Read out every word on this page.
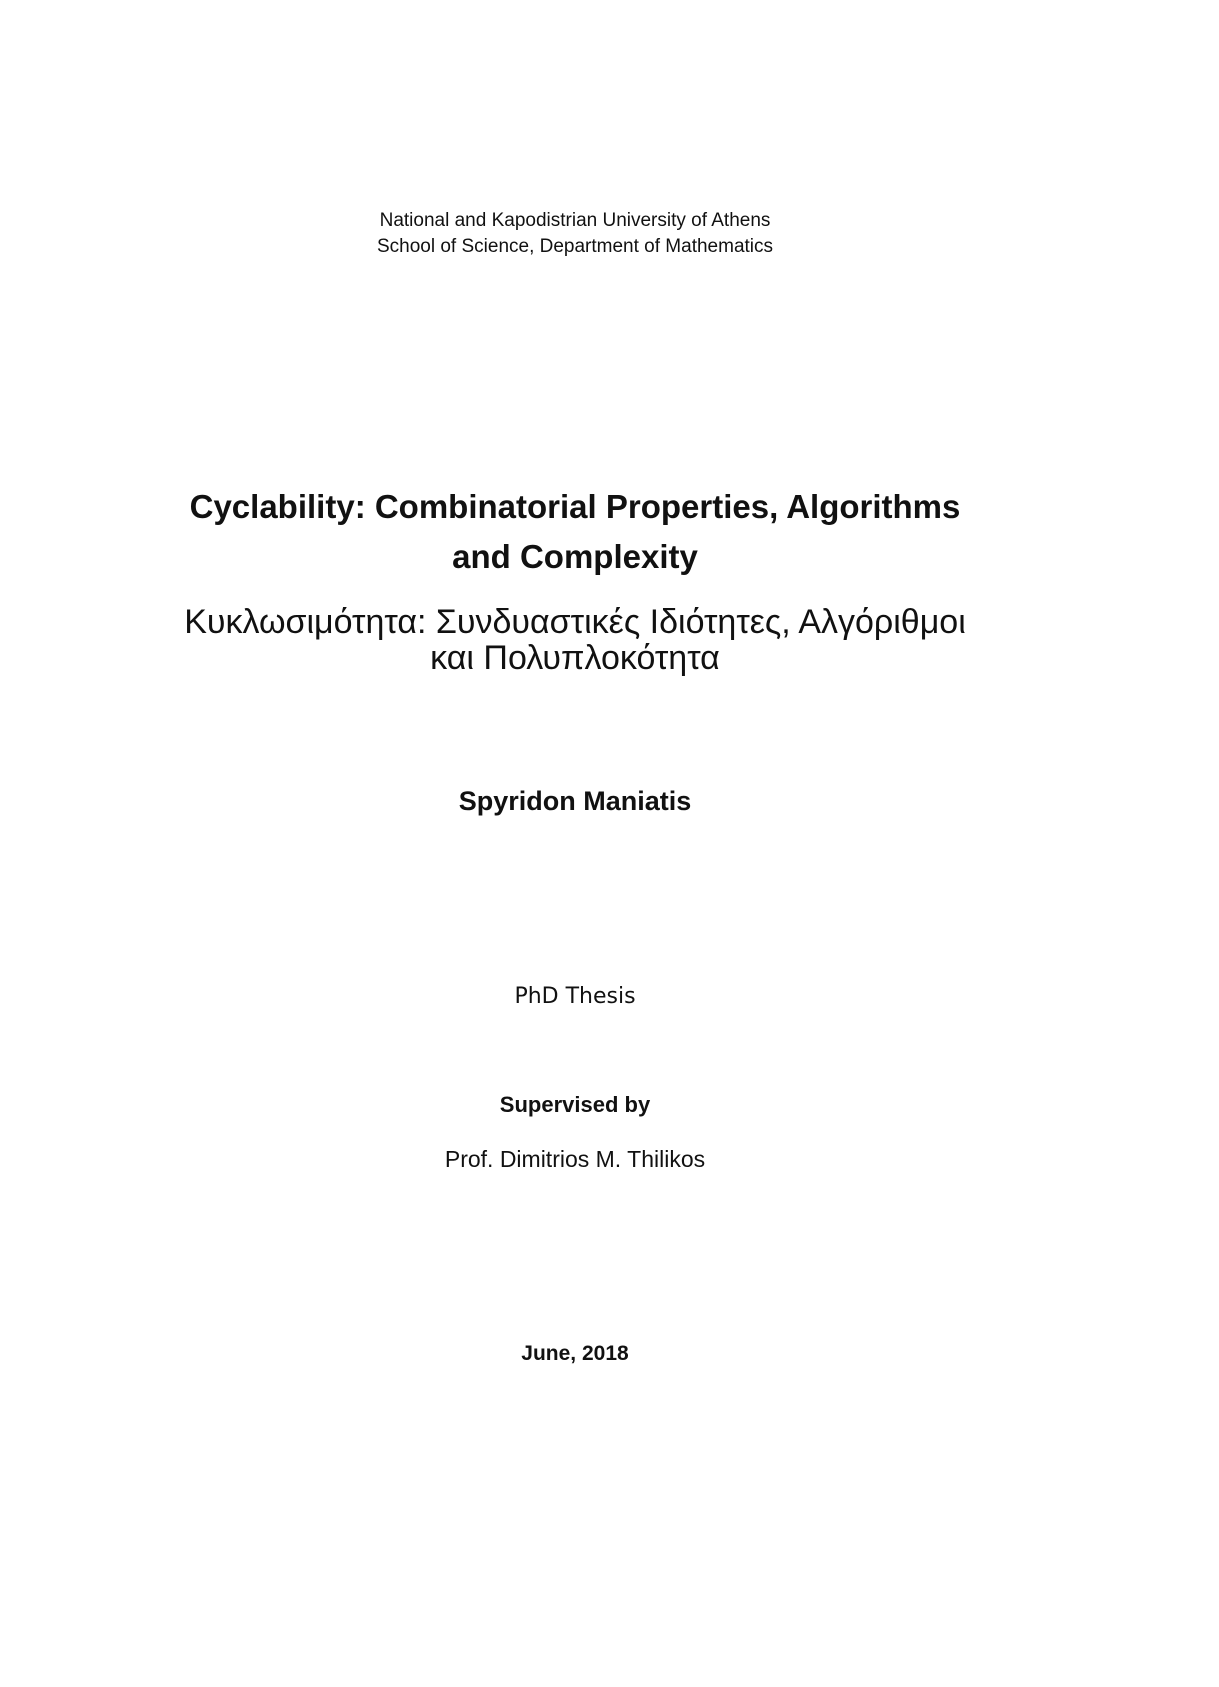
National and Kapodistrian University of Athens
School of Science, Department of Mathematics
Cyclability: Combinatorial Properties, Algorithms
and Complexity
Κυκλωσιμότητα: Συνδυαστικές Ιδιότητες, Αλγόριθμοι
και Πολυπλοκότητα
Spyridon Maniatis
PhD Thesis
Supervised by
Prof. Dimitrios M. Thilikos
June, 2018
